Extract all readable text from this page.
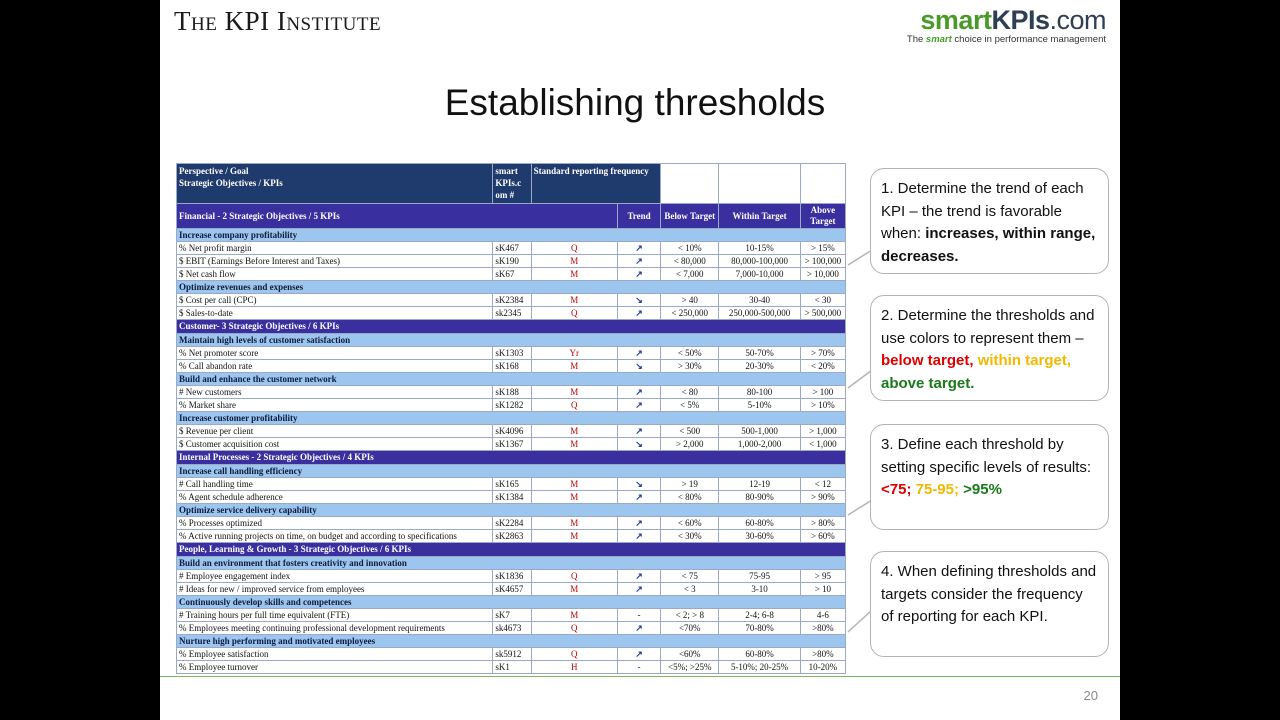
The KPI Institute	smartKPIs.com
The smart choice in performance management
Establishing thresholds
Perspective / Goal
Strategic Objectives / KPIs	smart KPIs.c om #	Standard reporting frequency		✖	○	✓
Financial - 2 Strategic Objectives / 5 KPIs			Trend	Below Target	Within Target	Above Target
Increase company profitability						
% Net profit margin	sK467	Q	↗	< 10%	10-15%	> 15%
$ EBIT (Earnings Before Interest and Taxes)	sK190	M	↗	< 80,000	80,000-100,000	> 100,000
$ Net cash flow	sK67	M	↗	< 7,000	7,000-10,000	> 10,000
Optimize revenues and expenses						
$ Cost per call (CPC)	sK2384	M	↘	> 40	30-40	< 30
$ Sales-to-date	sk2345	Q	↗	< 250,000	250,000-500,000	> 500,000
Customer- 3 Strategic Objectives / 6 KPIs						
Maintain high levels of customer satisfaction						
% Net promoter score	sK1303	Yr	↗	< 50%	50-70%	> 70%
% Call abandon rate	sK168	M	↘	> 30%	20-30%	< 20%
Build and enhance the customer network						
# New customers	sK188	M	↗	< 80	80-100	> 100
% Market share	sK1282	Q	↗	< 5%	5-10%	> 10%
Increase customer profitability						
$ Revenue per client	sK4096	M	↗	< 500	500-1,000	> 1,000
$ Customer acquisition cost	sK1367	M	↘	> 2,000	1,000-2,000	< 1,000
Internal Processes - 2 Strategic Objectives / 4 KPIs						
Increase call handling efficiency						
# Call handling time	sK165	M	↘	> 19	12-19	< 12
% Agent schedule adherence	sK1384	M	↗	< 80%	80-90%	> 90%
Optimize service delivery capability						
% Processes optimized	sK2284	M	↗	< 60%	60-80%	> 80%
% Active running projects on time, on budget and according to specifications	sK2863	M	↗	< 30%	30-60%	> 60%
People, Learning & Growth - 3 Strategic Objectives / 6 KPIs						
Build an environment that fosters creativity and innovation						
# Employee engagement index	sK1836	Q	↗	< 75	75-95	> 95
# Ideas for new / improved service from employees	sK4657	M	↗	< 3	3-10	> 10
Continuously develop skills and competences						
# Training hours per full time equivalent (FTE)	sK7	M	-	< 2; > 8	2-4; 6-8	4-6
% Employees meeting continuing professional development requirements	sk4673	Q	↗	<70%	70-80%	>80%
Nurture high performing and motivated employees						
% Employee satisfaction	sk5912	Q	↗	<60%	60-80%	>80%
% Employee turnover	sK1	H	-	<5%; >25%	5-10%; 20-25%	10-20%
1. Determine the trend of each KPI – the trend is favorable when: increases, within range, decreases.
2. Determine the thresholds and use colors to represent them – below target, within target, above target.
3. Define each threshold by setting specific levels of results: <75; 75-95; >95%
4. When defining thresholds and targets consider the frequency of reporting for each KPI.
20
